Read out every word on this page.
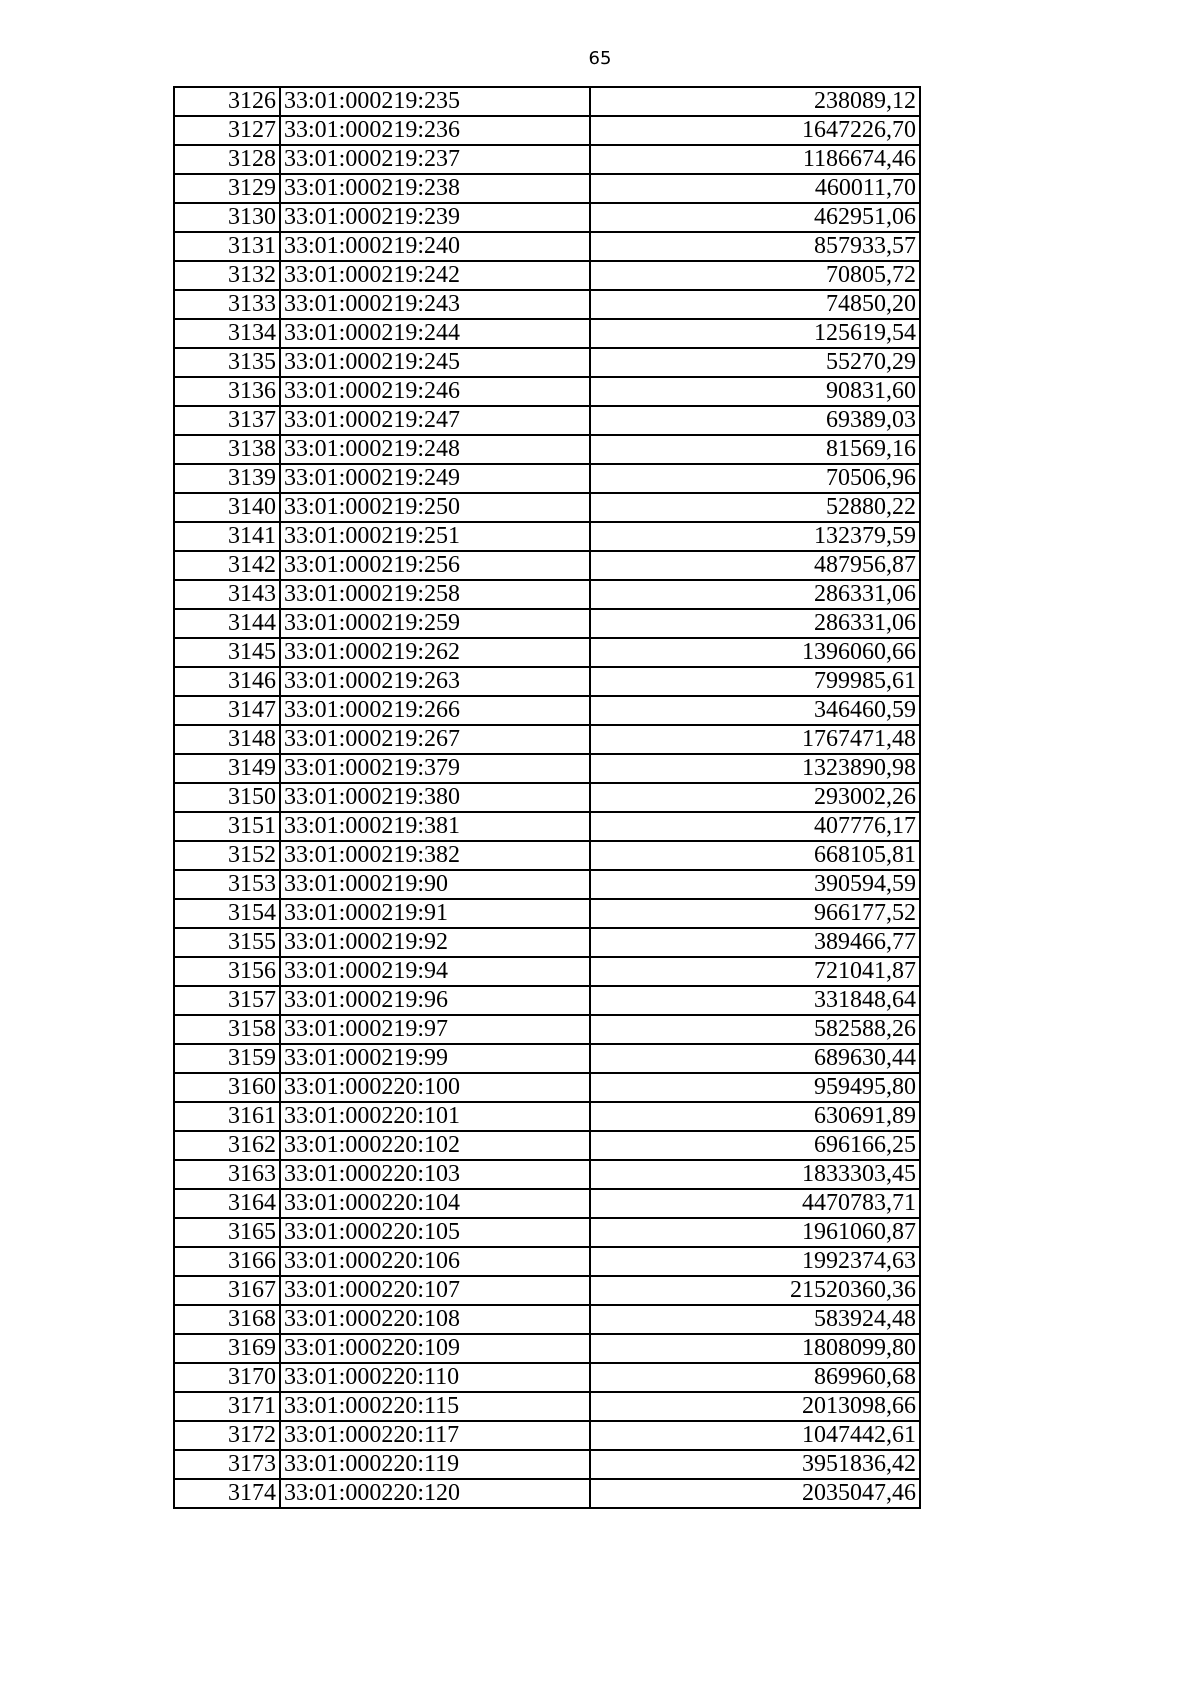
65
3126	33:01:000219:235	238089,12
3127	33:01:000219:236	1647226,70
3128	33:01:000219:237	1186674,46
3129	33:01:000219:238	460011,70
3130	33:01:000219:239	462951,06
3131	33:01:000219:240	857933,57
3132	33:01:000219:242	70805,72
3133	33:01:000219:243	74850,20
3134	33:01:000219:244	125619,54
3135	33:01:000219:245	55270,29
3136	33:01:000219:246	90831,60
3137	33:01:000219:247	69389,03
3138	33:01:000219:248	81569,16
3139	33:01:000219:249	70506,96
3140	33:01:000219:250	52880,22
3141	33:01:000219:251	132379,59
3142	33:01:000219:256	487956,87
3143	33:01:000219:258	286331,06
3144	33:01:000219:259	286331,06
3145	33:01:000219:262	1396060,66
3146	33:01:000219:263	799985,61
3147	33:01:000219:266	346460,59
3148	33:01:000219:267	1767471,48
3149	33:01:000219:379	1323890,98
3150	33:01:000219:380	293002,26
3151	33:01:000219:381	407776,17
3152	33:01:000219:382	668105,81
3153	33:01:000219:90	390594,59
3154	33:01:000219:91	966177,52
3155	33:01:000219:92	389466,77
3156	33:01:000219:94	721041,87
3157	33:01:000219:96	331848,64
3158	33:01:000219:97	582588,26
3159	33:01:000219:99	689630,44
3160	33:01:000220:100	959495,80
3161	33:01:000220:101	630691,89
3162	33:01:000220:102	696166,25
3163	33:01:000220:103	1833303,45
3164	33:01:000220:104	4470783,71
3165	33:01:000220:105	1961060,87
3166	33:01:000220:106	1992374,63
3167	33:01:000220:107	21520360,36
3168	33:01:000220:108	583924,48
3169	33:01:000220:109	1808099,80
3170	33:01:000220:110	869960,68
3171	33:01:000220:115	2013098,66
3172	33:01:000220:117	1047442,61
3173	33:01:000220:119	3951836,42
3174	33:01:000220:120	2035047,46
